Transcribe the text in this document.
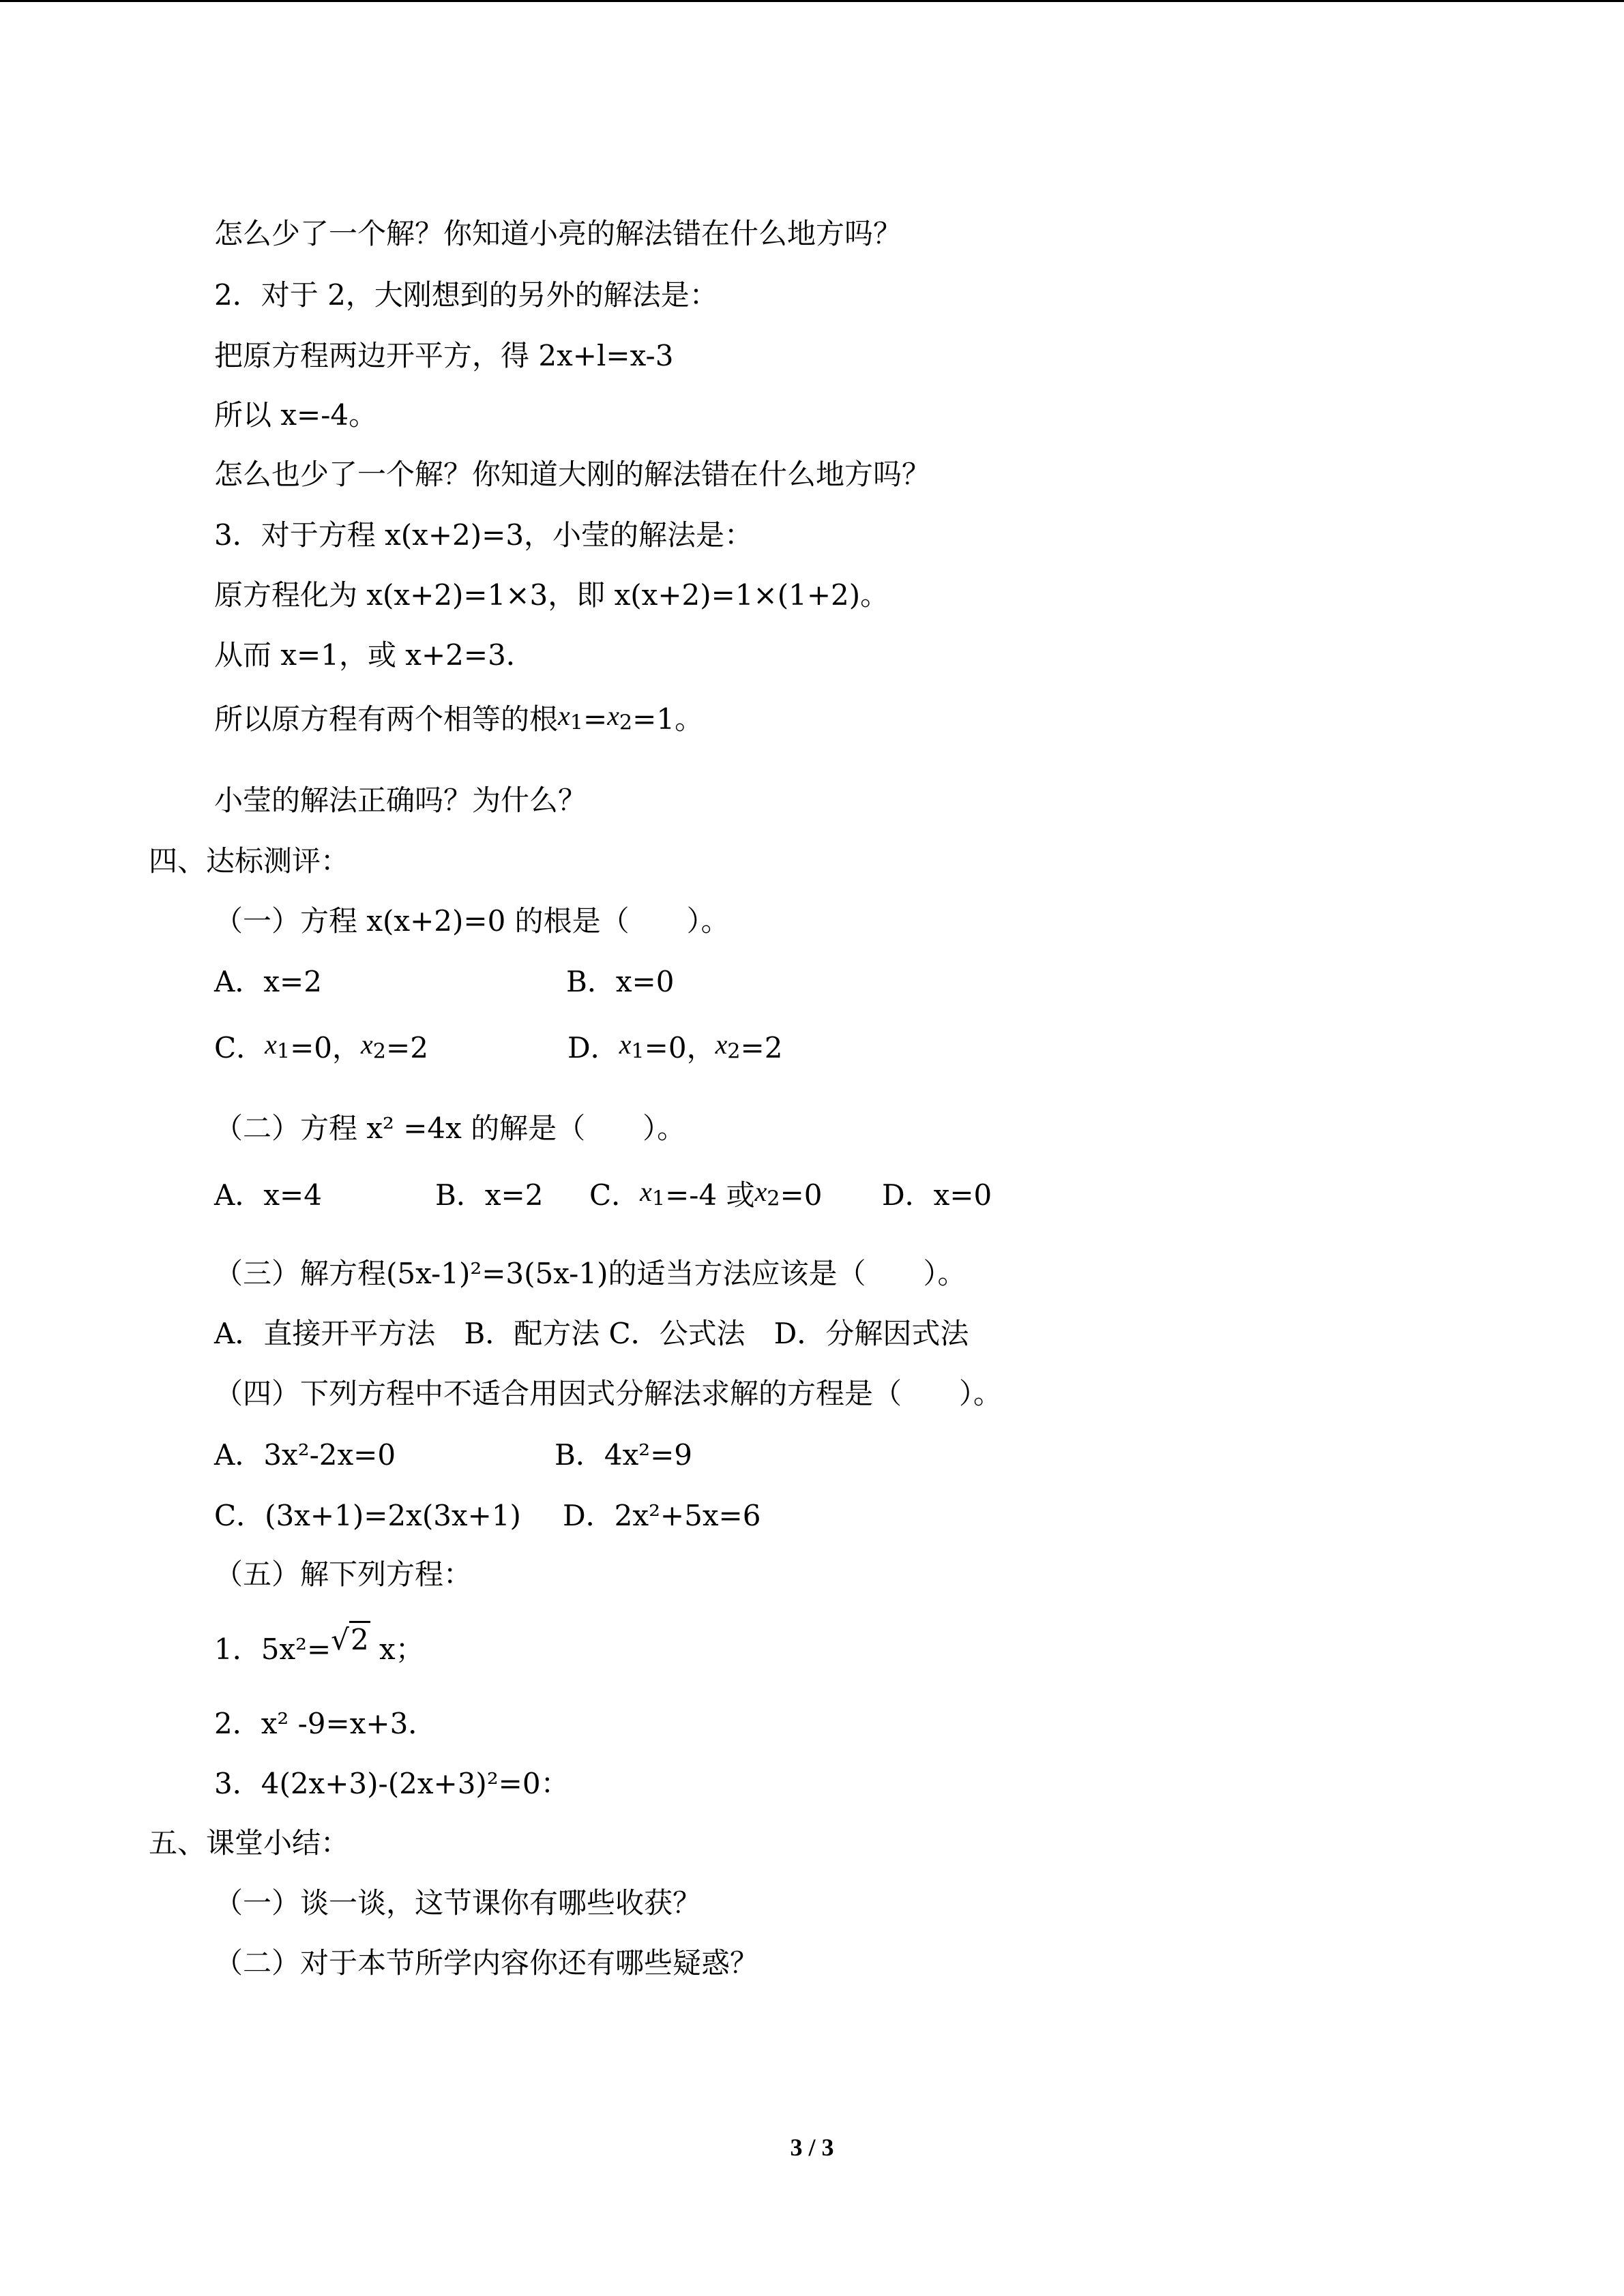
怎么少了一个解？你知道小亮的解法错在什么地方吗？
2．对于 2，大刚想到的另外的解法是：
把原方程两边开平方，得 2x+l=x-3
所以 x=-4。
怎么也少了一个解？你知道大刚的解法错在什么地方吗？
3．对于方程 x(x+2)=3，小莹的解法是：
原方程化为 x(x+2)=1×3，即 x(x+2)=1×(1+2)。
从而 x=1，或 x+2=3．
所以原方程有两个相等的根$x_1=x_2=1$。
小莹的解法正确吗？为什么？
四、达标测评：
（一）方程 x(x+2)=0 的根是（　　）。
A．x=2	B．x=0
C．$x_1=0$，$x_2=2$	D．$x_1=0$，$x_2=2$
（二）方程 x² =4x 的解是（　　）。
A．x=4	B．x=2 C．$x_1=-4$ 或$x_2=0$ D．x=0
（三）解方程(5x-1)²=3(5x-1)的适当方法应该是（　　）。
A．直接开平方法　B．配方法 C．公式法　D．分解因式法
（四）下列方程中不适合用因式分解法求解的方程是（　　）。
A．3x²-2x=0	B．4x²=9
C．(3x+1)=2x(3x+1) D．2x²+5x=6
（五）解下列方程：
1．5x²=√2 x；
2．x² -9=x+3．
3．4(2x+3)-(2x+3)²=0：
五、课堂小结：
（一）谈一谈，这节课你有哪些收获？
（二）对于本节所学内容你还有哪些疑惑？
3 / 3
